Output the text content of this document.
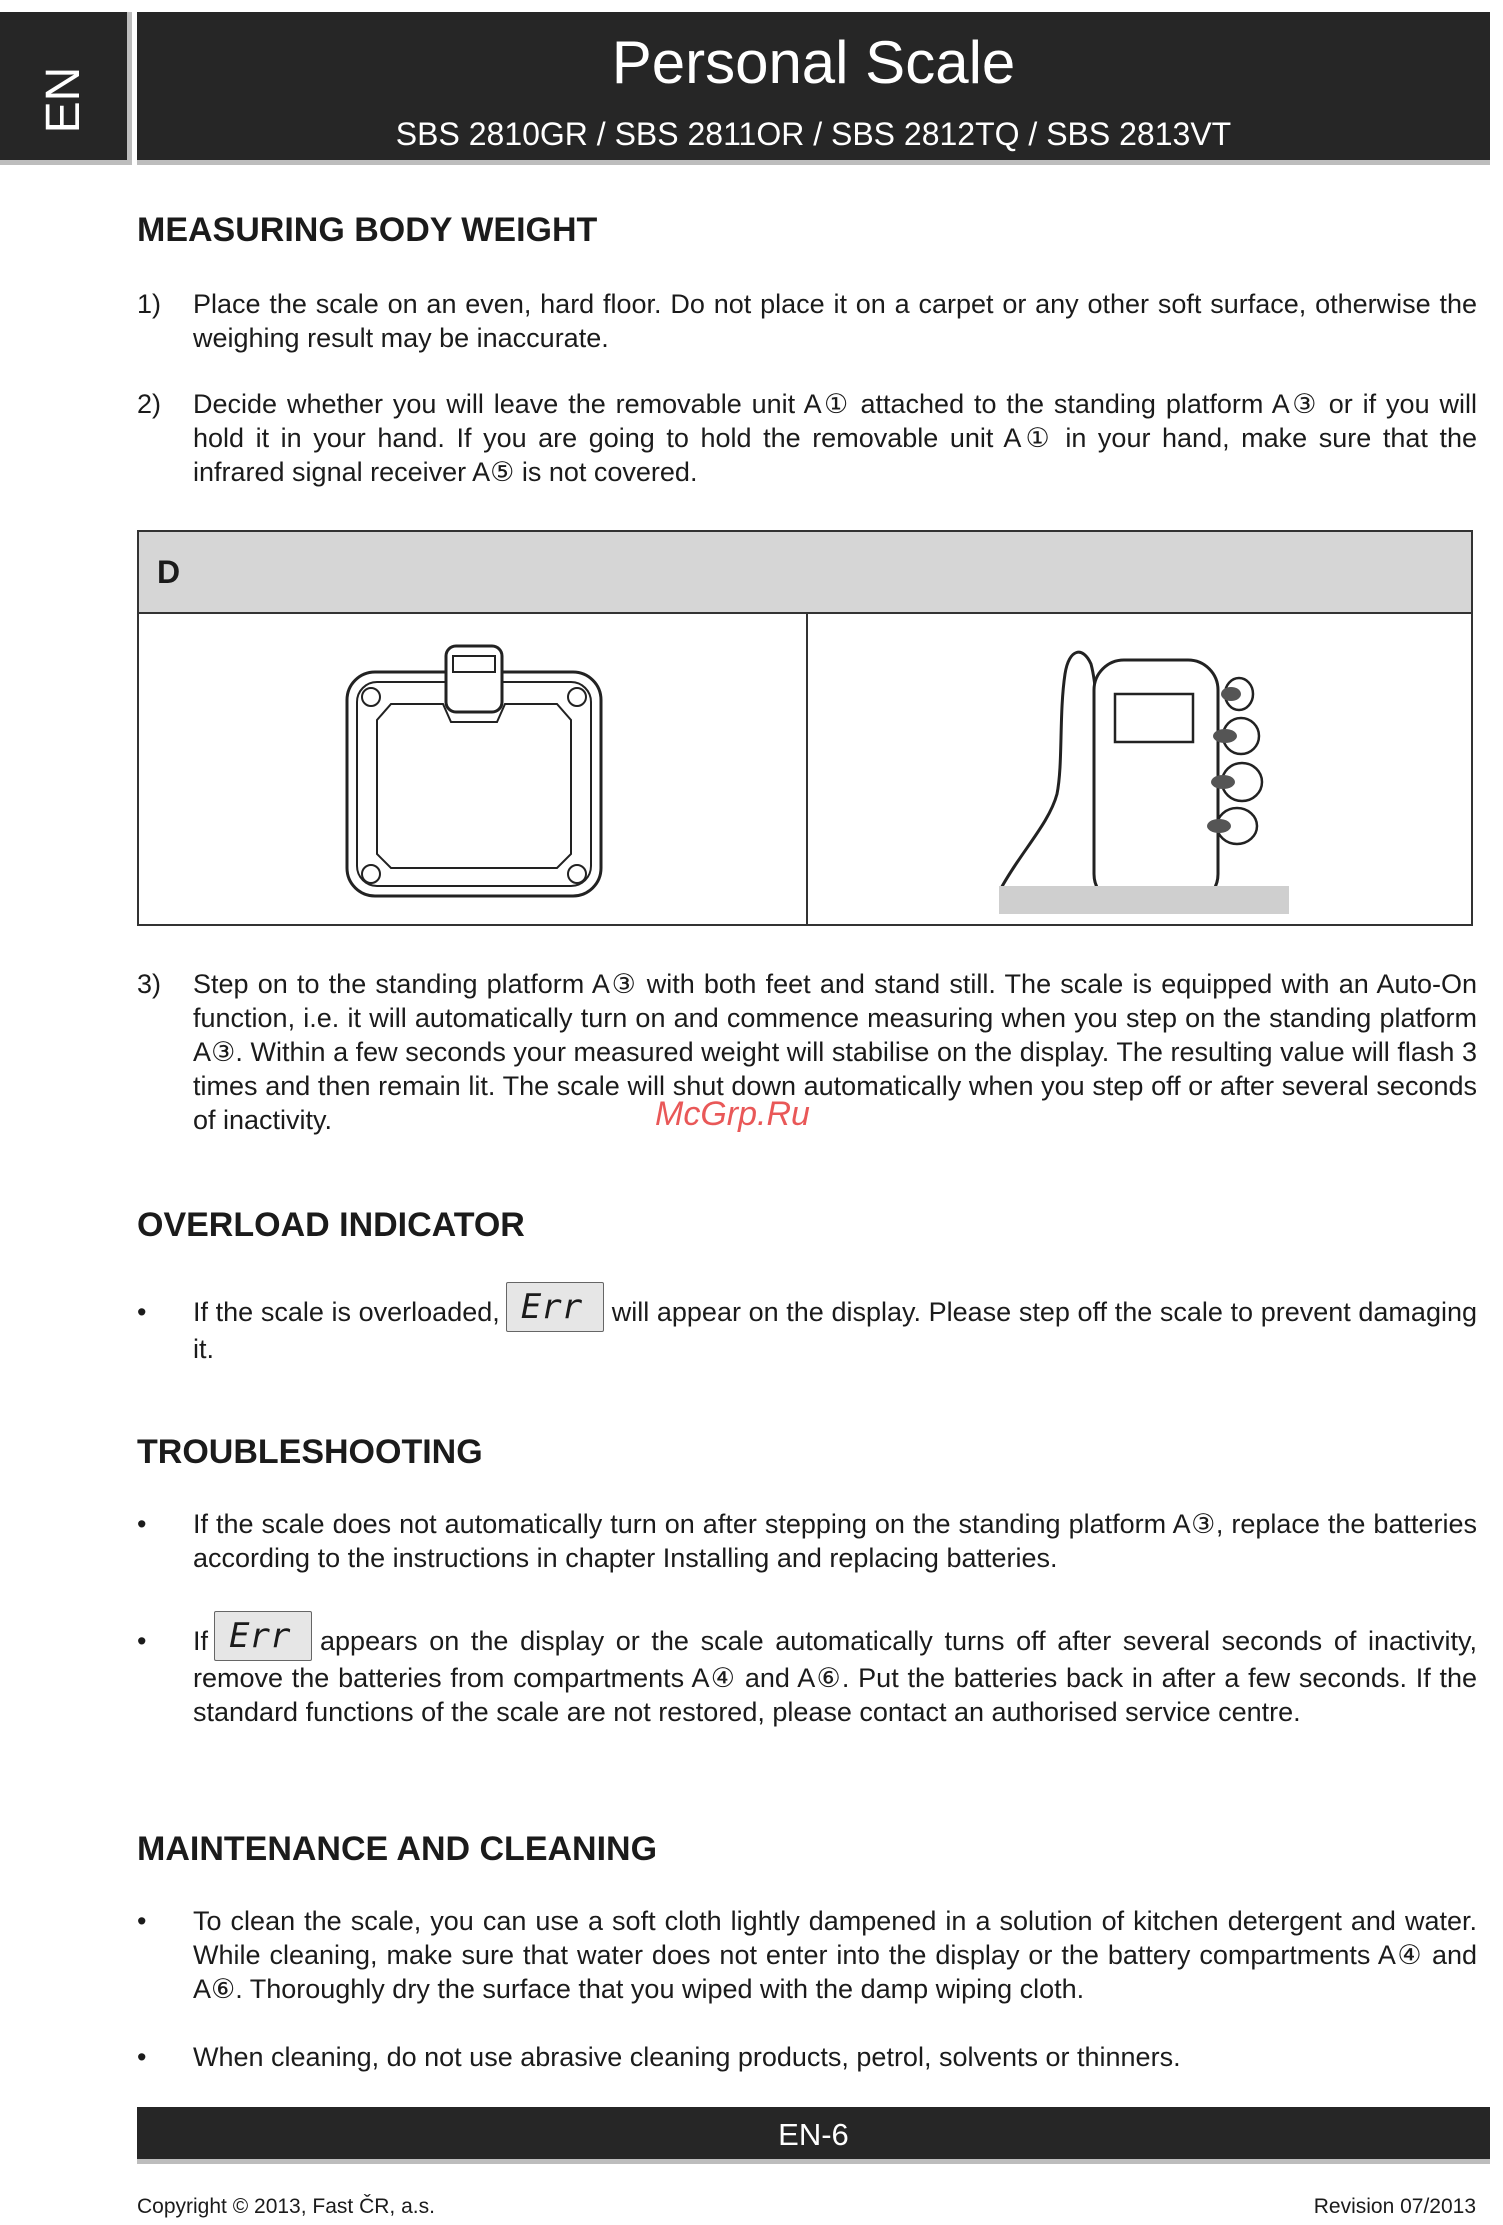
EN
Personal Scale
SBS 2810GR / SBS 2811OR / SBS 2812TQ / SBS 2813VT
MEASURING BODY WEIGHT
1)	Place the scale on an even, hard floor. Do not place it on a carpet or any other soft surface, otherwise the weighing result may be inaccurate.
2)	Decide whether you will leave the removable unit A① attached to the standing platform A③ or if you will hold it in your hand. If you are going to hold the removable unit A① in your hand, make sure that the infrared signal receiver A⑤ is not covered.
D
3)	Step on to the standing platform A③ with both feet and stand still. The scale is equipped with an Auto-On function, i.e. it will automatically turn on and commence measuring when you step on the standing platform A③. Within a few seconds your measured weight will stabilise on the display. The resulting value will flash 3 times and then remain lit. The scale will shut down automatically when you step off or after several seconds of inactivity.	McGrp.Ru
OVERLOAD INDICATOR
•	If the scale is overloaded, Err will appear on the display. Please step off the scale to prevent damaging it.
TROUBLESHOOTING
•	If the scale does not automatically turn on after stepping on the standing platform A③, replace the batteries according to the instructions in chapter Installing and replacing batteries.
•	If Err appears on the display or the scale automatically turns off after several seconds of inactivity, remove the batteries from compartments A④ and A⑥. Put the batteries back in after a few seconds. If the standard functions of the scale are not restored, please contact an authorised service centre.
MAINTENANCE AND CLEANING
•	To clean the scale, you can use a soft cloth lightly dampened in a solution of kitchen detergent and water. While cleaning, make sure that water does not enter into the display or the battery compartments A④ and A⑥. Thoroughly dry the surface that you wiped with the damp wiping cloth.
•	When cleaning, do not use abrasive cleaning products, petrol, solvents or thinners.
EN-6
Copyright © 2013, Fast ČR, a.s.	Revision 07/2013
